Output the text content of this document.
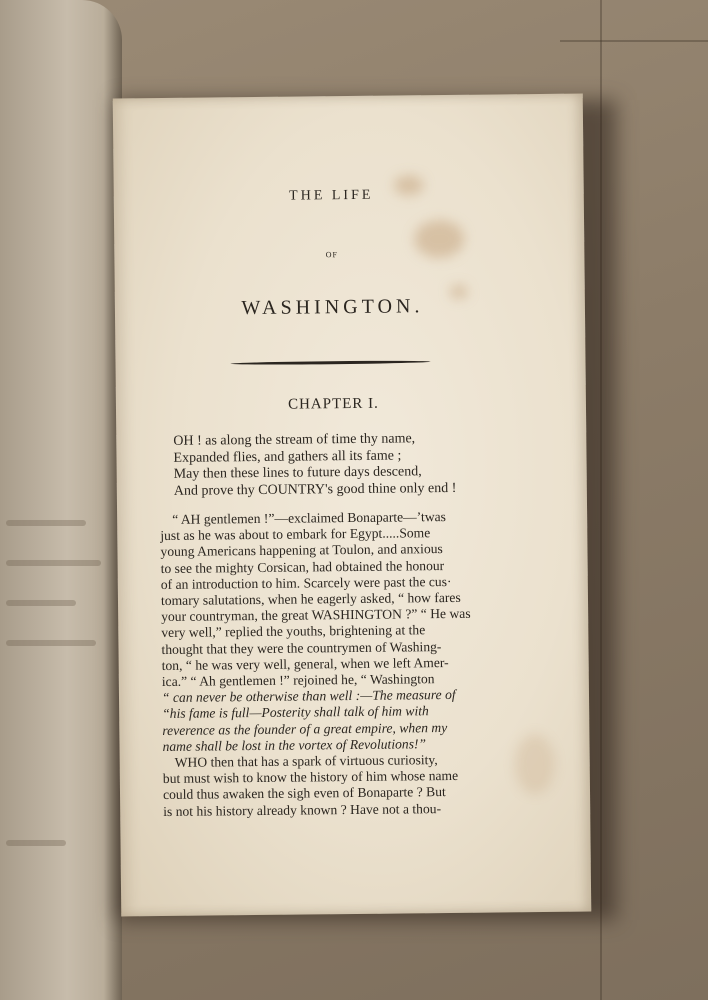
THE LIFE
OF
WASHINGTON.
CHAPTER I.
OH ! as along the stream of time thy name,
Expanded flies, and gathers all its fame ;
May then these lines to future days descend,
And prove thy COUNTRY's good thine only end !
“ AH gentlemen !”—exclaimed Bonaparte—’twas
just as he was about to embark for Egypt.....Some
young Americans happening at Toulon, and anxious
to see the mighty Corsican, had obtained the honour
of an introduction to him. Scarcely were past the cus·
tomary salutations, when he eagerly asked, “ how fares
your countryman, the great WASHINGTON ?” “ He was
very well,” replied the youths, brightening at the
thought that they were the countrymen of Washing-
ton, “ he was very well, general, when we left Amer-
ica.” “ Ah gentlemen !” rejoined he, “ Washington
“ can never be otherwise than well :—The measure of
“his fame is full—Posterity shall talk of him with
reverence as the founder of a great empire, when my
name shall be lost in the vortex of Revolutions!”
WHO then that has a spark of virtuous curiosity,
but must wish to know the history of him whose name
could thus awaken the sigh even of Bonaparte ? But
is not his history already known ? Have not a thou-
